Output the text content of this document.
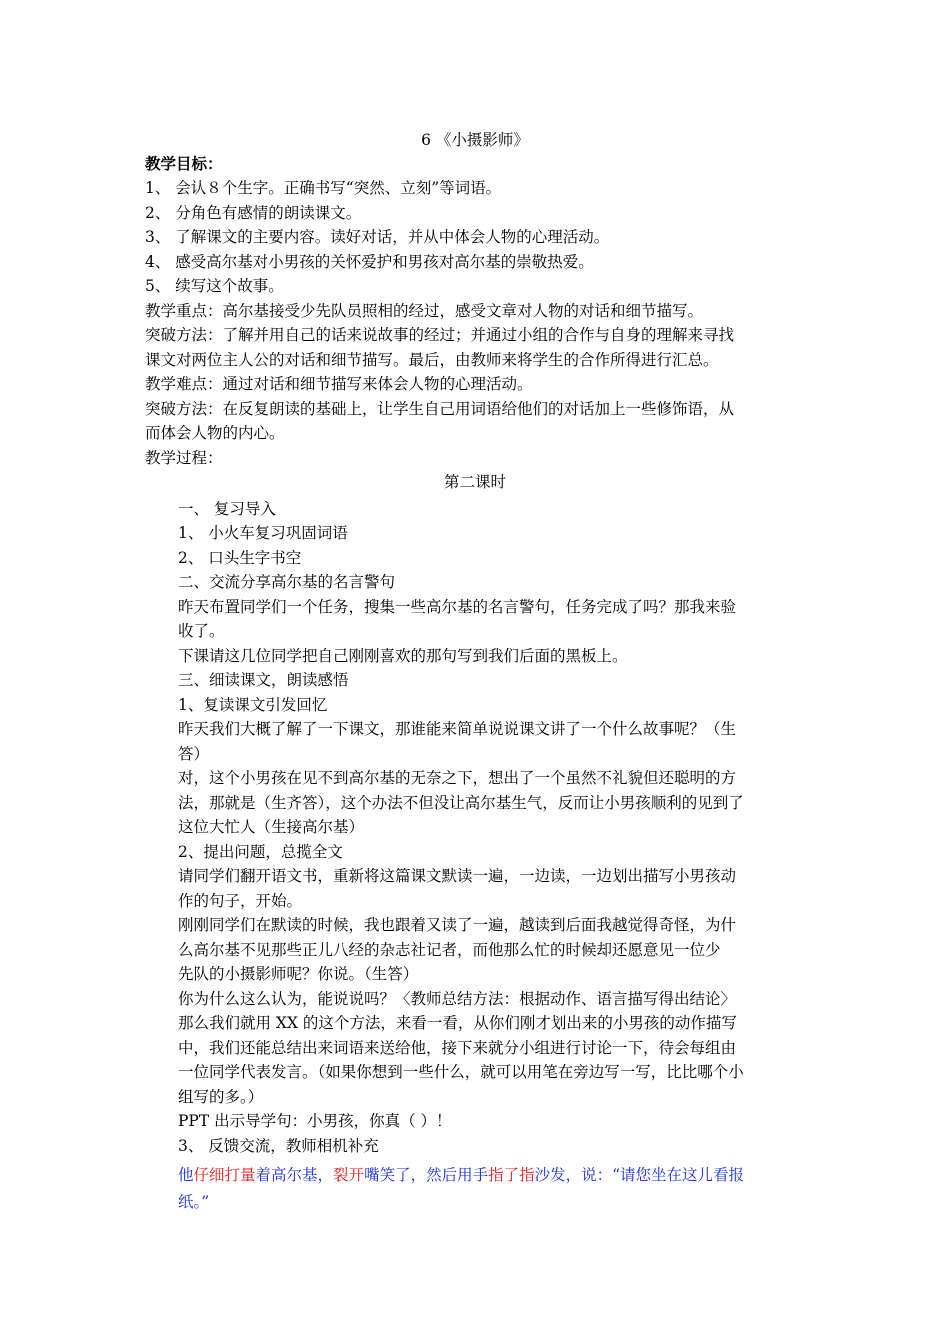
6 《小摄影师》
教学目标：
1、 会认８个生字。正确书写“突然、立刻”等词语。
2、 分角色有感情的朗读课文。
3、 了解课文的主要内容。读好对话，并从中体会人物的心理活动。
4、 感受高尔基对小男孩的关怀爱护和男孩对高尔基的崇敬热爱。
5、 续写这个故事。
教学重点：高尔基接受少先队员照相的经过，感受文章对人物的对话和细节描写。
突破方法：了解并用自己的话来说故事的经过；并通过小组的合作与自身的理解来寻找
课文对两位主人公的对话和细节描写。最后，由教师来将学生的合作所得进行汇总。
教学难点：通过对话和细节描写来体会人物的心理活动。
突破方法：在反复朗读的基础上，让学生自己用词语给他们的对话加上一些修饰语，从
而体会人物的内心。
教学过程：
第二课时
一、 复习导入
1、 小火车复习巩固词语
2、 口头生字书空
二、交流分享高尔基的名言警句
昨天布置同学们一个任务，搜集一些高尔基的名言警句，任务完成了吗？那我来验
收了。
下课请这几位同学把自己刚刚喜欢的那句写到我们后面的黑板上。
三、细读课文，朗读感悟
1、复读课文引发回忆
昨天我们大概了解了一下课文，那谁能来简单说说课文讲了一个什么故事呢？（生
答）
对，这个小男孩在见不到高尔基的无奈之下，想出了一个虽然不礼貌但还聪明的方
法，那就是（生齐答），这个办法不但没让高尔基生气，反而让小男孩顺利的见到了
这位大忙人（生接高尔基）
2、提出问题，总揽全文
请同学们翻开语文书，重新将这篇课文默读一遍，一边读，一边划出描写小男孩动
作的句子，开始。
刚刚同学们在默读的时候，我也跟着又读了一遍，越读到后面我越觉得奇怪，为什
么高尔基不见那些正儿八经的杂志社记者，而他那么忙的时候却还愿意见一位少
先队的小摄影师呢？你说。（生答）
你为什么这么认为，能说说吗？〈教师总结方法：根据动作、语言描写得出结论〉
那么我们就用 XX 的这个方法，来看一看，从你们刚才划出来的小男孩的动作描写
中，我们还能总结出来词语来送给他，接下来就分小组进行讨论一下，待会每组由
一位同学代表发言。（如果你想到一些什么，就可以用笔在旁边写一写，比比哪个小
组写的多。）
PPT 出示导学句：小男孩，你真（ ）！
3、 反馈交流，教师相机补充
他仔细打量着高尔基，裂开嘴笑了，然后用手指了指沙发，说：“请您坐在这儿看报
纸。”
